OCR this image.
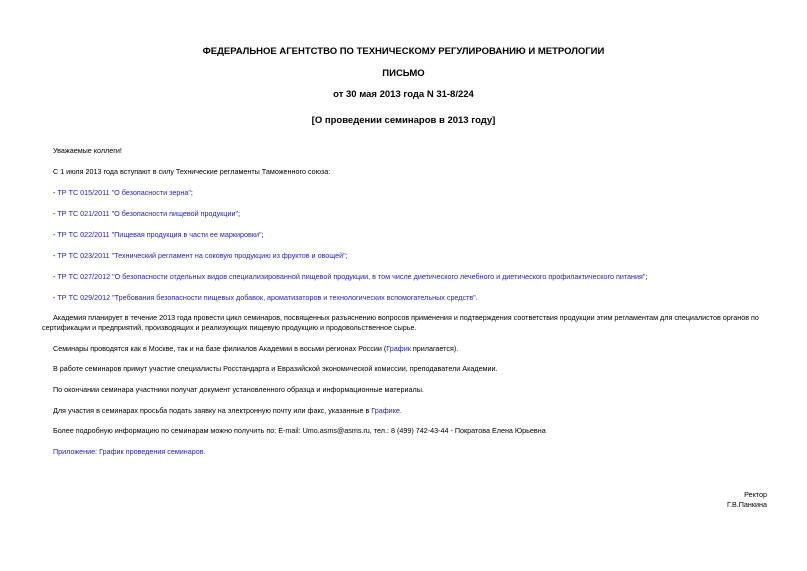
ФЕДЕРАЛЬНОЕ АГЕНТСТВО ПО ТЕХНИЧЕСКОМУ РЕГУЛИРОВАНИЮ И МЕТРОЛОГИИ
ПИСЬМО
от 30 мая 2013 года N 31-8/224
[О проведении семинаров в 2013 году]
Уважаемые коллеги!
С 1 июля 2013 года вступают в силу Технические регламенты Таможенного союза:
- ТР ТС 015/2011 "О безопасности зерна";
- ТР ТС 021/2011 "О безопасности пищевой продукции";
- ТР ТС 022/2011 "Пищевая продукция в части ее маркировки";
- ТР ТС 023/2011 "Технический регламент на соковую продукцию из фруктов и овощей";
- ТР ТС 027/2012 "О безопасности отдельных видов специализированной пищевой продукции, в том числе диетического лечебного и диетического профилактического питания";
- ТР ТС 029/2012 "Требования безопасности пищевых добавок, ароматизаторов и технологических вспомогательных средств".
Академия планирует в течение 2013 года провести цикл семинаров, посвященных разъяснению вопросов применения и подтверждения соответствия продукции этим регламентам для специалистов органов по сертификации и предприятий, производящих и реализующих пищевую продукцию и продовольственное сырье.
Семинары проводятся как в Москве, так и на базе филиалов Академии в восьми регионах России (График прилагается).
В работе семинаров примут участие специалисты Росстандарта и Евразийской экономической комиссии, преподаватели Академии.
По окончании семинара участники получат документ установленного образца и информационные материалы.
Для участия в семинарах просьба подать заявку на электронную почту или факс, указанные в Графике.
Более подробную информацию по семинарам можно получить по: E-mail: Umo.asms@asms.ru, тел.: 8 (499) 742-43-44 - Пократова Елена Юрьевна
Приложение: График проведения семинаров.
Ректор
Г.В.Панкина
